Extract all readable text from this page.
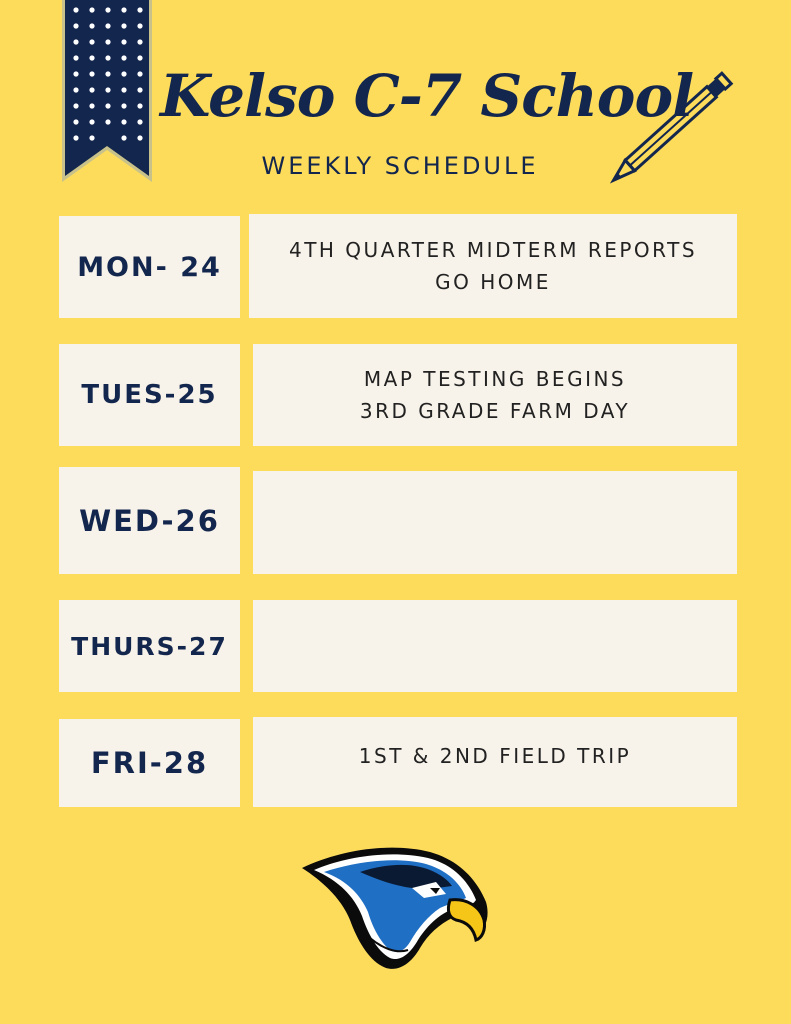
Kelso C-7 School
WEEKLY SCHEDULE
MON- 24
4TH QUARTER MIDTERM REPORTS
GO HOME
TUES-25
MAP TESTING BEGINS
3RD GRADE FARM DAY
WED-26
THURS-27
FRI-28	1ST & 2ND FIELD TRIP
